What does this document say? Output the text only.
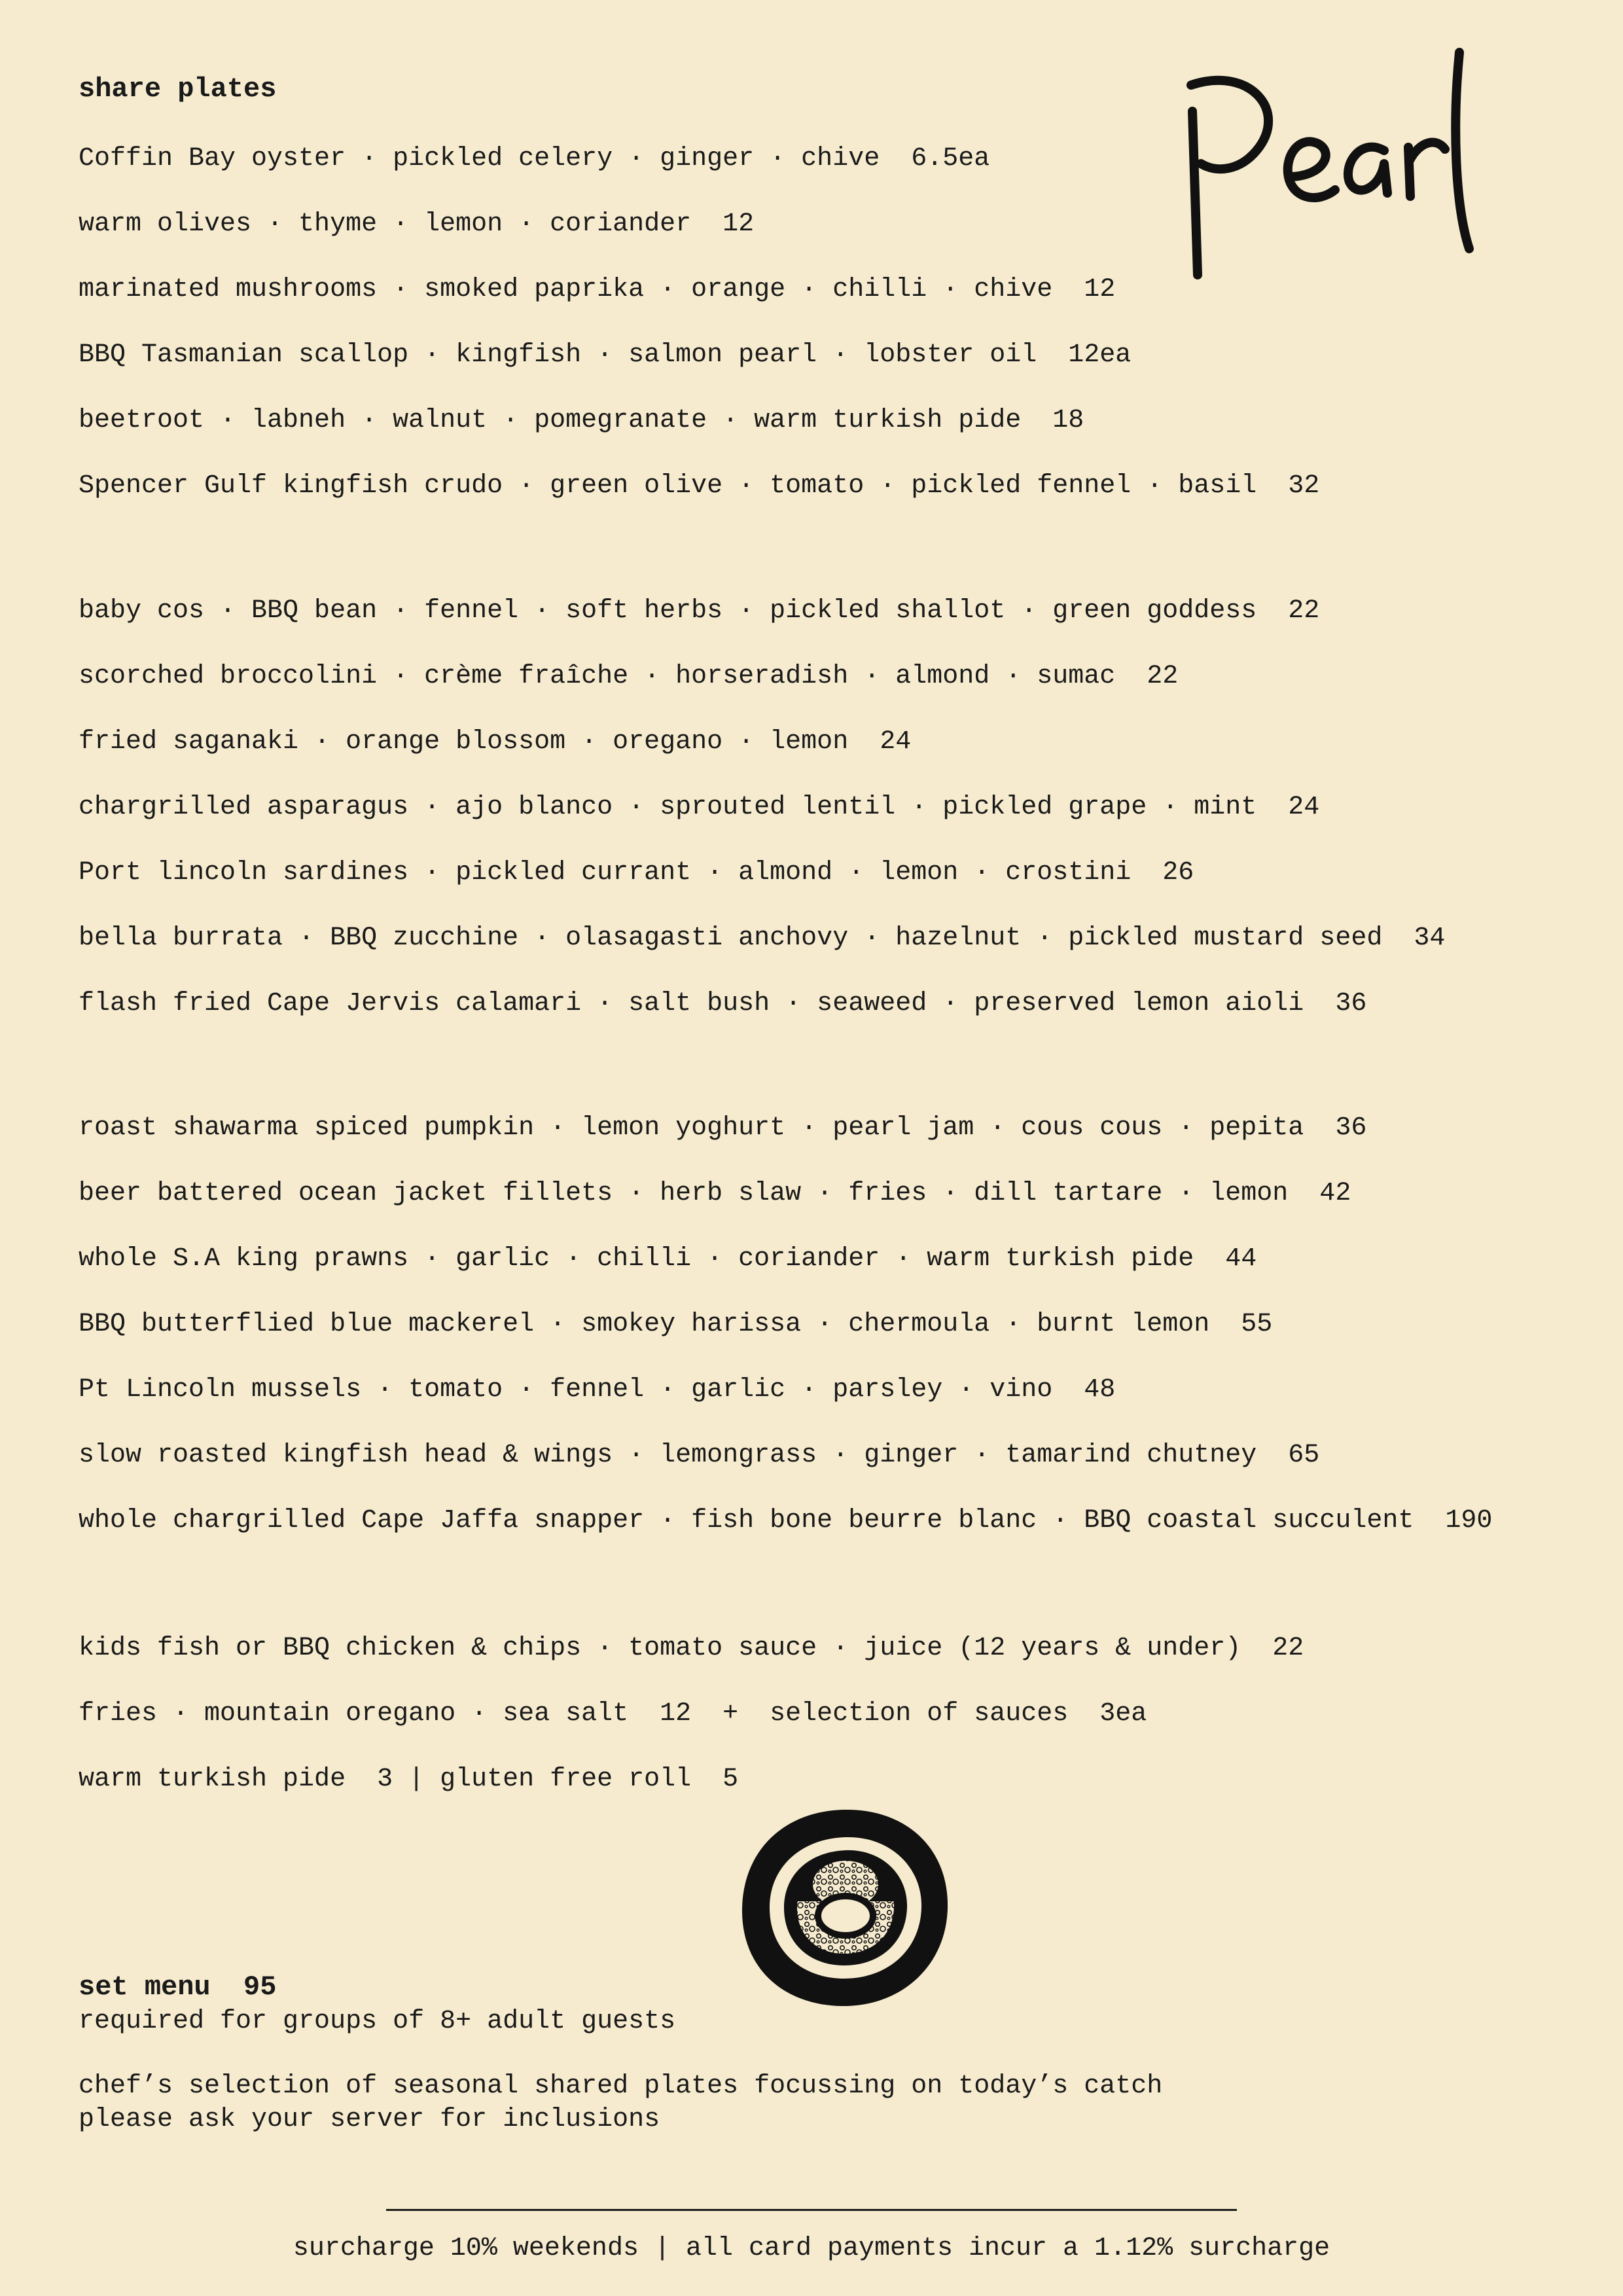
share plates

Coffin Bay oyster · pickled celery · ginger · chive  6.5ea

warm olives · thyme · lemon · coriander  12

marinated mushrooms · smoked paprika · orange · chilli · chive  12

BBQ Tasmanian scallop · kingfish · salmon pearl · lobster oil  12ea

beetroot · labneh · walnut · pomegranate · warm turkish pide  18

Spencer Gulf kingfish crudo · green olive · tomato · pickled fennel · basil  32

baby cos · BBQ bean · fennel · soft herbs · pickled shallot · green goddess  22

scorched broccolini · crème fraîche · horseradish · almond · sumac  22

fried saganaki · orange blossom · oregano · lemon  24

chargrilled asparagus · ajo blanco · sprouted lentil · pickled grape · mint  24

Port lincoln sardines · pickled currant · almond · lemon · crostini  26

bella burrata · BBQ zucchine · olasagasti anchovy · hazelnut · pickled mustard seed  34

flash fried Cape Jervis calamari · salt bush · seaweed · preserved lemon aioli  36

roast shawarma spiced pumpkin · lemon yoghurt · pearl jam · cous cous · pepita  36

beer battered ocean jacket fillets · herb slaw · fries · dill tartare · lemon  42

whole S.A king prawns · garlic · chilli · coriander · warm turkish pide  44

BBQ butterflied blue mackerel · smokey harissa · chermoula · burnt lemon  55

Pt Lincoln mussels · tomato · fennel · garlic · parsley · vino  48

slow roasted kingfish head & wings · lemongrass · ginger · tamarind chutney  65

whole chargrilled Cape Jaffa snapper · fish bone beurre blanc · BBQ coastal succulent  190

kids fish or BBQ chicken & chips · tomato sauce · juice (12 years & under)  22

fries · mountain oregano · sea salt  12  +  selection of sauces  3ea

warm turkish pide  3 | gluten free roll  5

set menu  95

required for groups of 8+ adult guests

chef’s selection of seasonal shared plates focussing on today’s catch

please ask your server for inclusions

surcharge 10% weekends | all card payments incur a 1.12% surcharge
